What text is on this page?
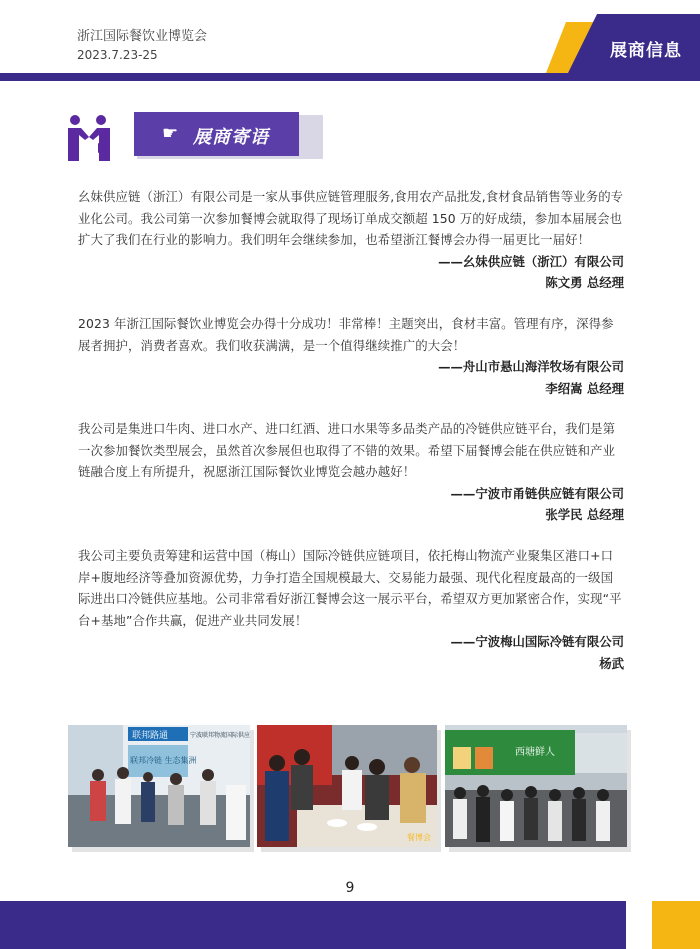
浙江国际餐饮业博览会
2023.7.23-25	展商信息
☛ 展商寄语
幺妹供应链（浙江）有限公司是一家从事供应链管理服务,食用农产品批发,食材食品销售等业务的专业化公司。我公司第一次参加餐博会就取得了现场订单成交额超 150 万的好成绩，参加本届展会也扩大了我们在行业的影响力。我们明年会继续参加，也希望浙江餐博会办得一届更比一届好！
——幺妹供应链（浙江）有限公司
陈文勇 总经理
2023 年浙江国际餐饮业博览会办得十分成功！非常棒！主题突出，食材丰富。管理有序，深得参展者拥护，消费者喜欢。我们收获满满，是一个值得继续推广的大会！
——舟山市悬山海洋牧场有限公司
李绍嵩 总经理
我公司是集进口牛肉、进口水产、进口红酒、进口水果等多品类产品的冷链供应链平台，我们是第一次参加餐饮类型展会，虽然首次参展但也取得了不错的效果。希望下届餐博会能在供应链和产业链融合度上有所提升，祝愿浙江国际餐饮业博览会越办越好！
——宁波市甬链供应链有限公司
张学民 总经理
我公司主要负责筹建和运营中国（梅山）国际冷链供应链项目，依托梅山物流产业聚集区港口+口岸+腹地经济等叠加资源优势，力争打造全国规模最大、交易能力最强、现代化程度最高的一级国际进出口冷链供应基地。公司非常看好浙江餐博会这一展示平台，希望双方更加紧密合作，实现“平台+基地”合作共赢，促进产业共同发展！
——宁波梅山国际冷链有限公司
杨武
联邦路通	宁波联邦物流国际供应
联邦冷链 生态集洲
餐博会
西塘鲜人
9
